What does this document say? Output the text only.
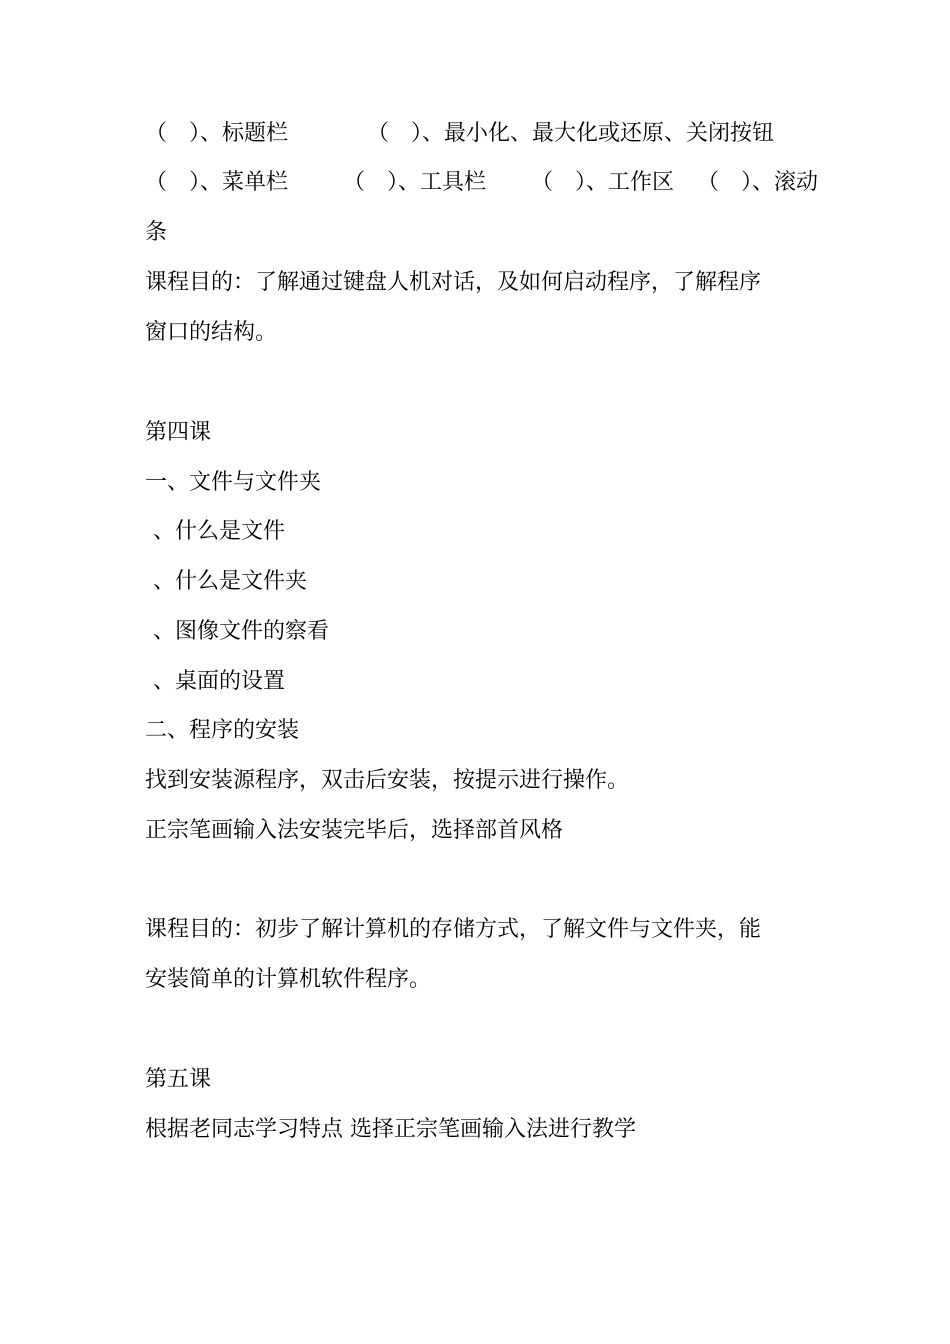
（　）、标题栏	（　）、最小化、最大化或还原、关闭按钮
（　）、菜单栏 （　）、工具栏 （　）、工作区 （　）、滚动
条
课程目的：了解通过键盘人机对话，及如何启动程序，了解程序
窗口的结构。
第四课
一、文件与文件夹
、什么是文件
、什么是文件夹
、图像文件的察看
、桌面的设置
二、程序的安装
找到安装源程序，双击后安装，按提示进行操作。
正宗笔画输入法安装完毕后，选择部首风格
课程目的：初步了解计算机的存储方式，了解文件与文件夹，能
安装简单的计算机软件程序。
第五课
根据老同志学习特点 选择正宗笔画输入法进行教学
